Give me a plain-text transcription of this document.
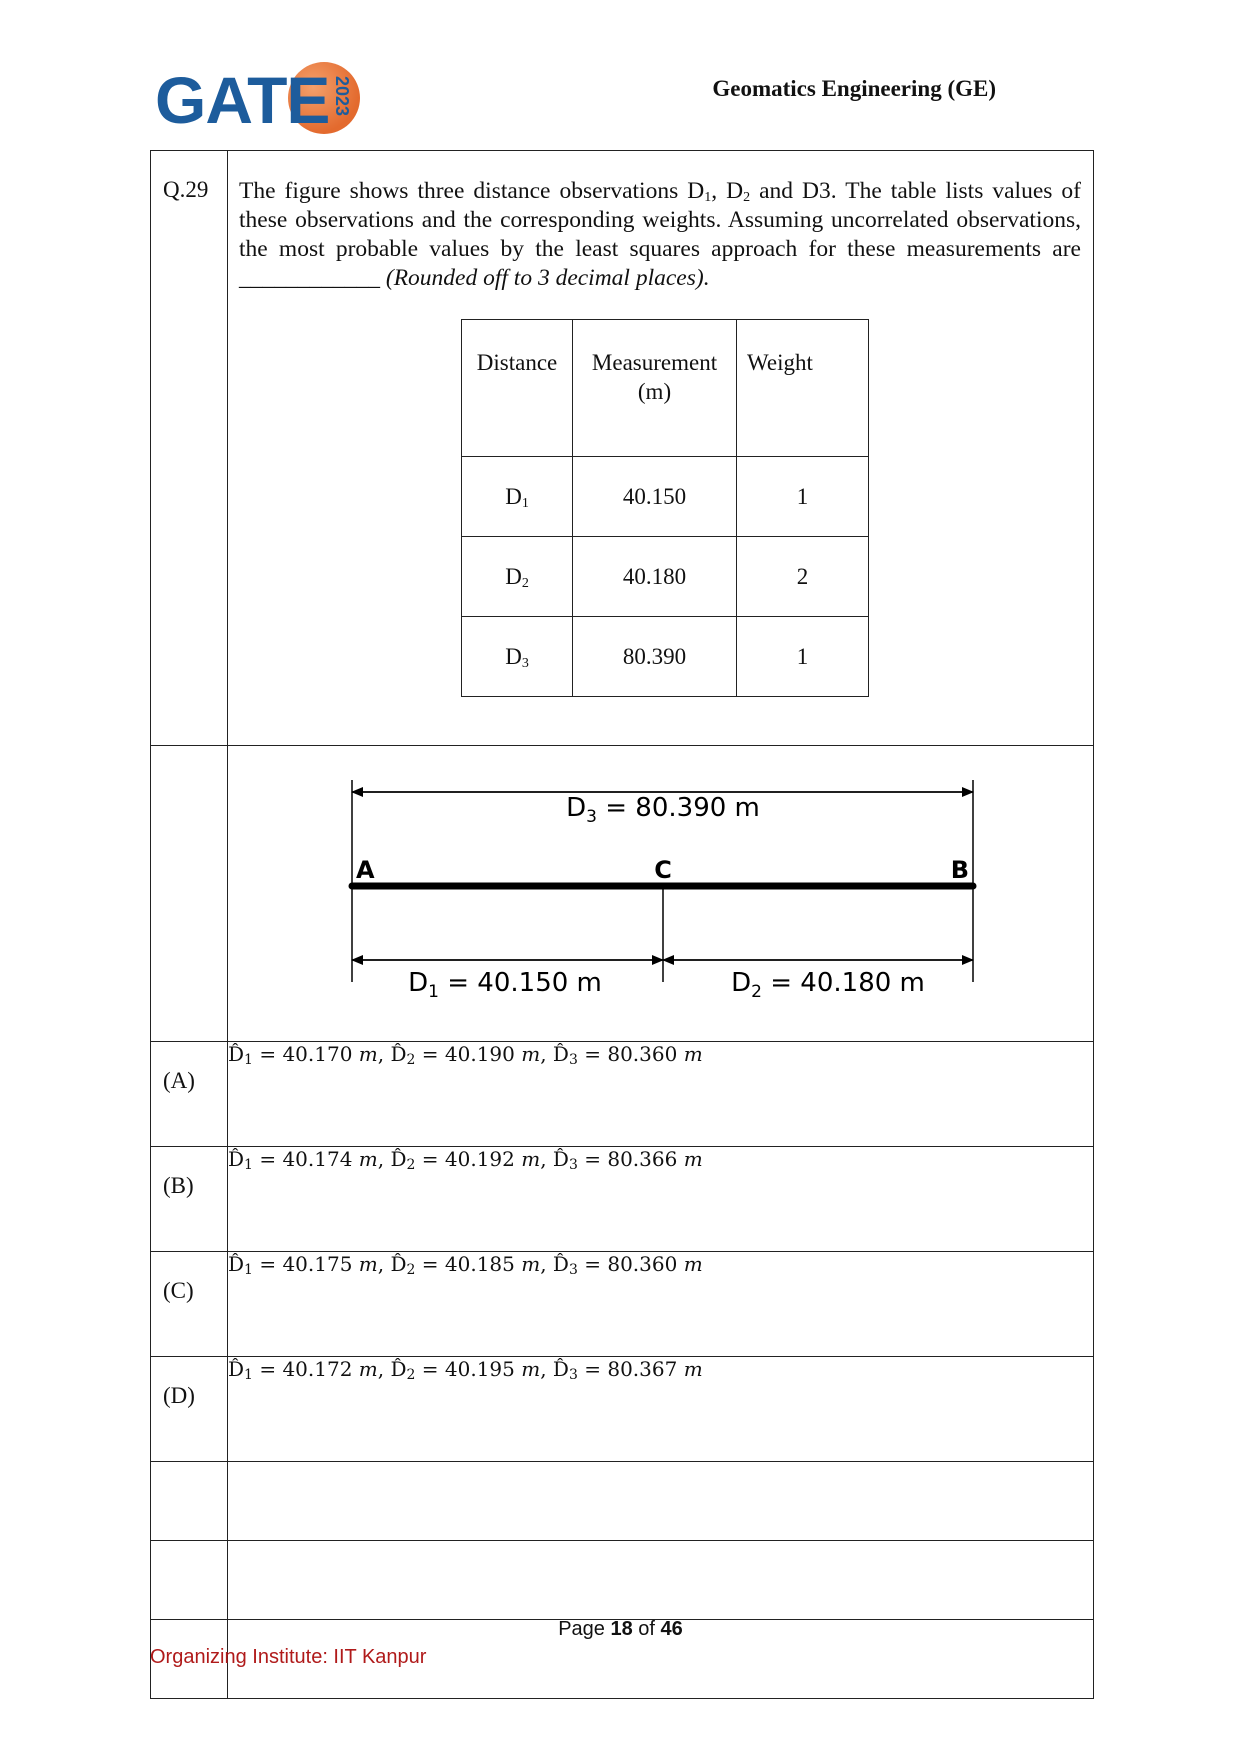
GATE 2023	Geomatics Engineering (GE)
Q.29	The figure shows three distance observations $D_1$, $D_2$ and D3. The table lists values of these observations and the corresponding weights. Assuming uncorrelated observations, the most probable values by the least squares approach for these measurements are ____________ (Rounded off to 3 decimal places).

Distance	Measurement (m)	Weight
$D_1$	40.150	1
$D_2$	40.180	2
$D_3$	80.390	1

$D_3 = 80.390$ m
A	C	B
$D_1 = 40.150$ m	$D_2 = 40.180$ m

(A)	$D̂_1 = 40.170$ m, $D̂_2 = 40.190$ m, $D̂_3 = 80.360$ m
(B)	$D̂_1 = 40.174$ m, $D̂_2 = 40.192$ m, $D̂_3 = 80.366$ m
(C)	$D̂_1 = 40.175$ m, $D̂_2 = 40.185$ m, $D̂_3 = 80.360$ m
(D)	$D̂_1 = 40.172$ m, $D̂_2 = 40.195$ m, $D̂_3 = 80.367$ m

Page 18 of 46
Organizing Institute: IIT Kanpur
